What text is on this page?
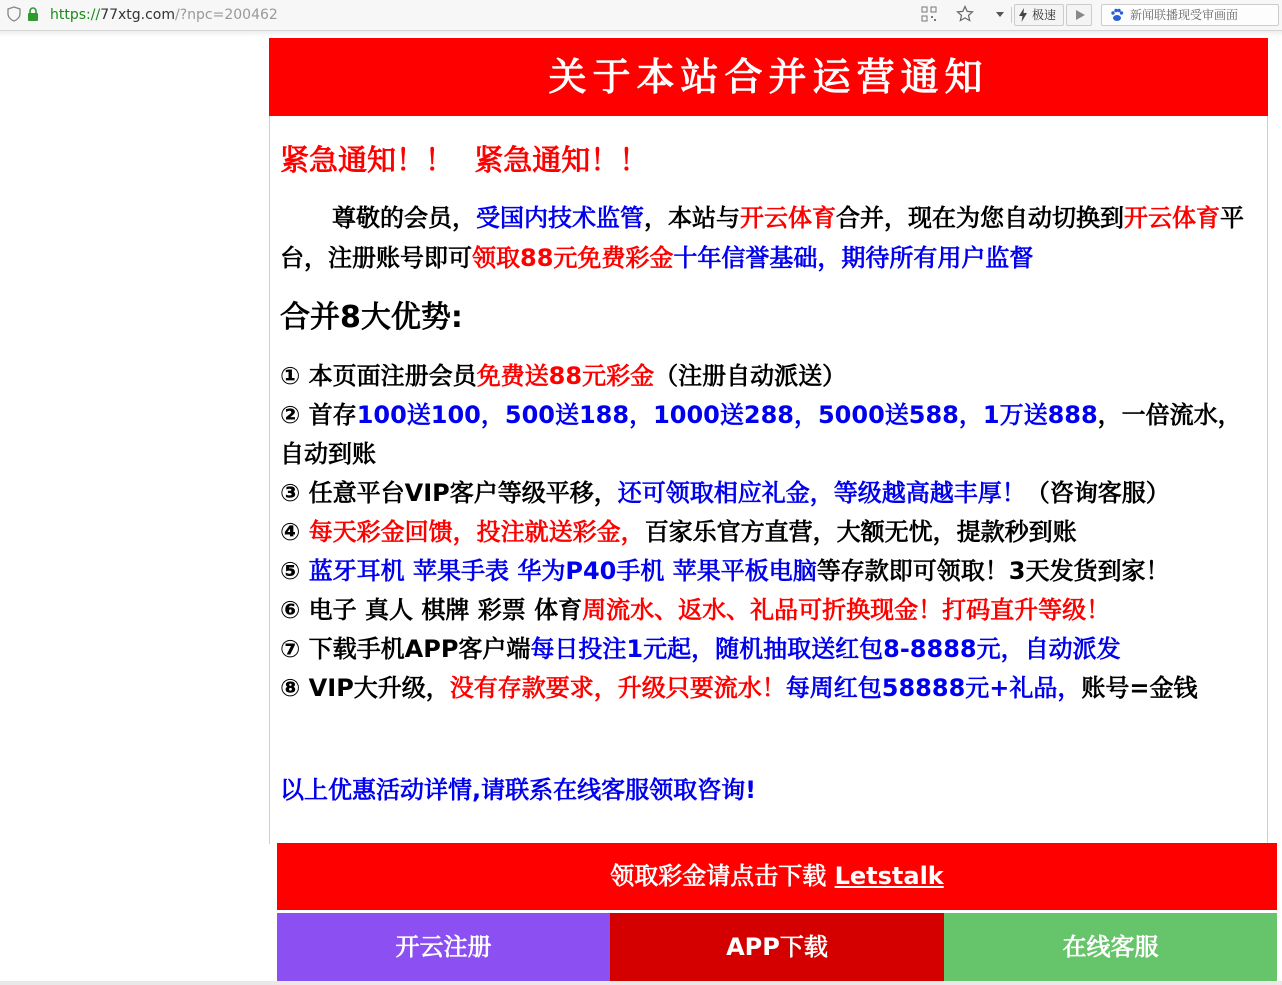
https://77xtg.com/?npc=200462	极速	新闻联播现受审画面
关于本站合并运营通知
紧急通知！！  紧急通知！！
尊敬的会员，受国内技术监管，本站与开云体育合并，现在为您自动切换到开云体育平台，注册账号即可领取88元免费彩金十年信誉基础，期待所有用户监督
合并8大优势:

① 本页面注册会员免费送88元彩金（注册自动派送）

② 首存100送100，500送188，1000送288，5000送588，1万送888，一倍流水，自动到账

③ 任意平台VIP客户等级平移，还可领取相应礼金，等级越高越丰厚！（咨询客服）

④ 每天彩金回馈，投注就送彩金，百家乐官方直营，大额无忧，提款秒到账

⑤ 蓝牙耳机 苹果手表 华为P40手机 苹果平板电脑等存款即可领取！3天发货到家！

⑥ 电子 真人 棋牌 彩票 体育周流水、返水、礼品可折换现金！打码直升等级！

⑦ 下载手机APP客户端每日投注1元起，随机抽取送红包8-8888元，自动派发

⑧ VIP大升级，没有存款要求，升级只要流水！每周红包58888元+礼品，账号=金钱

以上优惠活动详情,请联系在线客服领取咨询!
领取彩金请点击下载 Letstalk
开云注册	APP下载	在线客服
